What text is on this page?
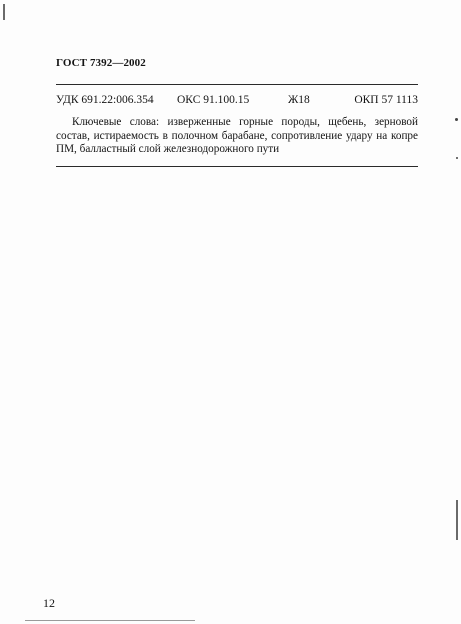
ГОСТ 7392—2002
УДК 691.22:006.354 ОКС 91.100.15	Ж18	ОКП 57 1113
Ключевые слова: изверженные горные породы, щебень, зерновой состав, истираемость в полочном барабане, сопротивление удару на копре ПМ, балластный слой железнодорожного пути
12
